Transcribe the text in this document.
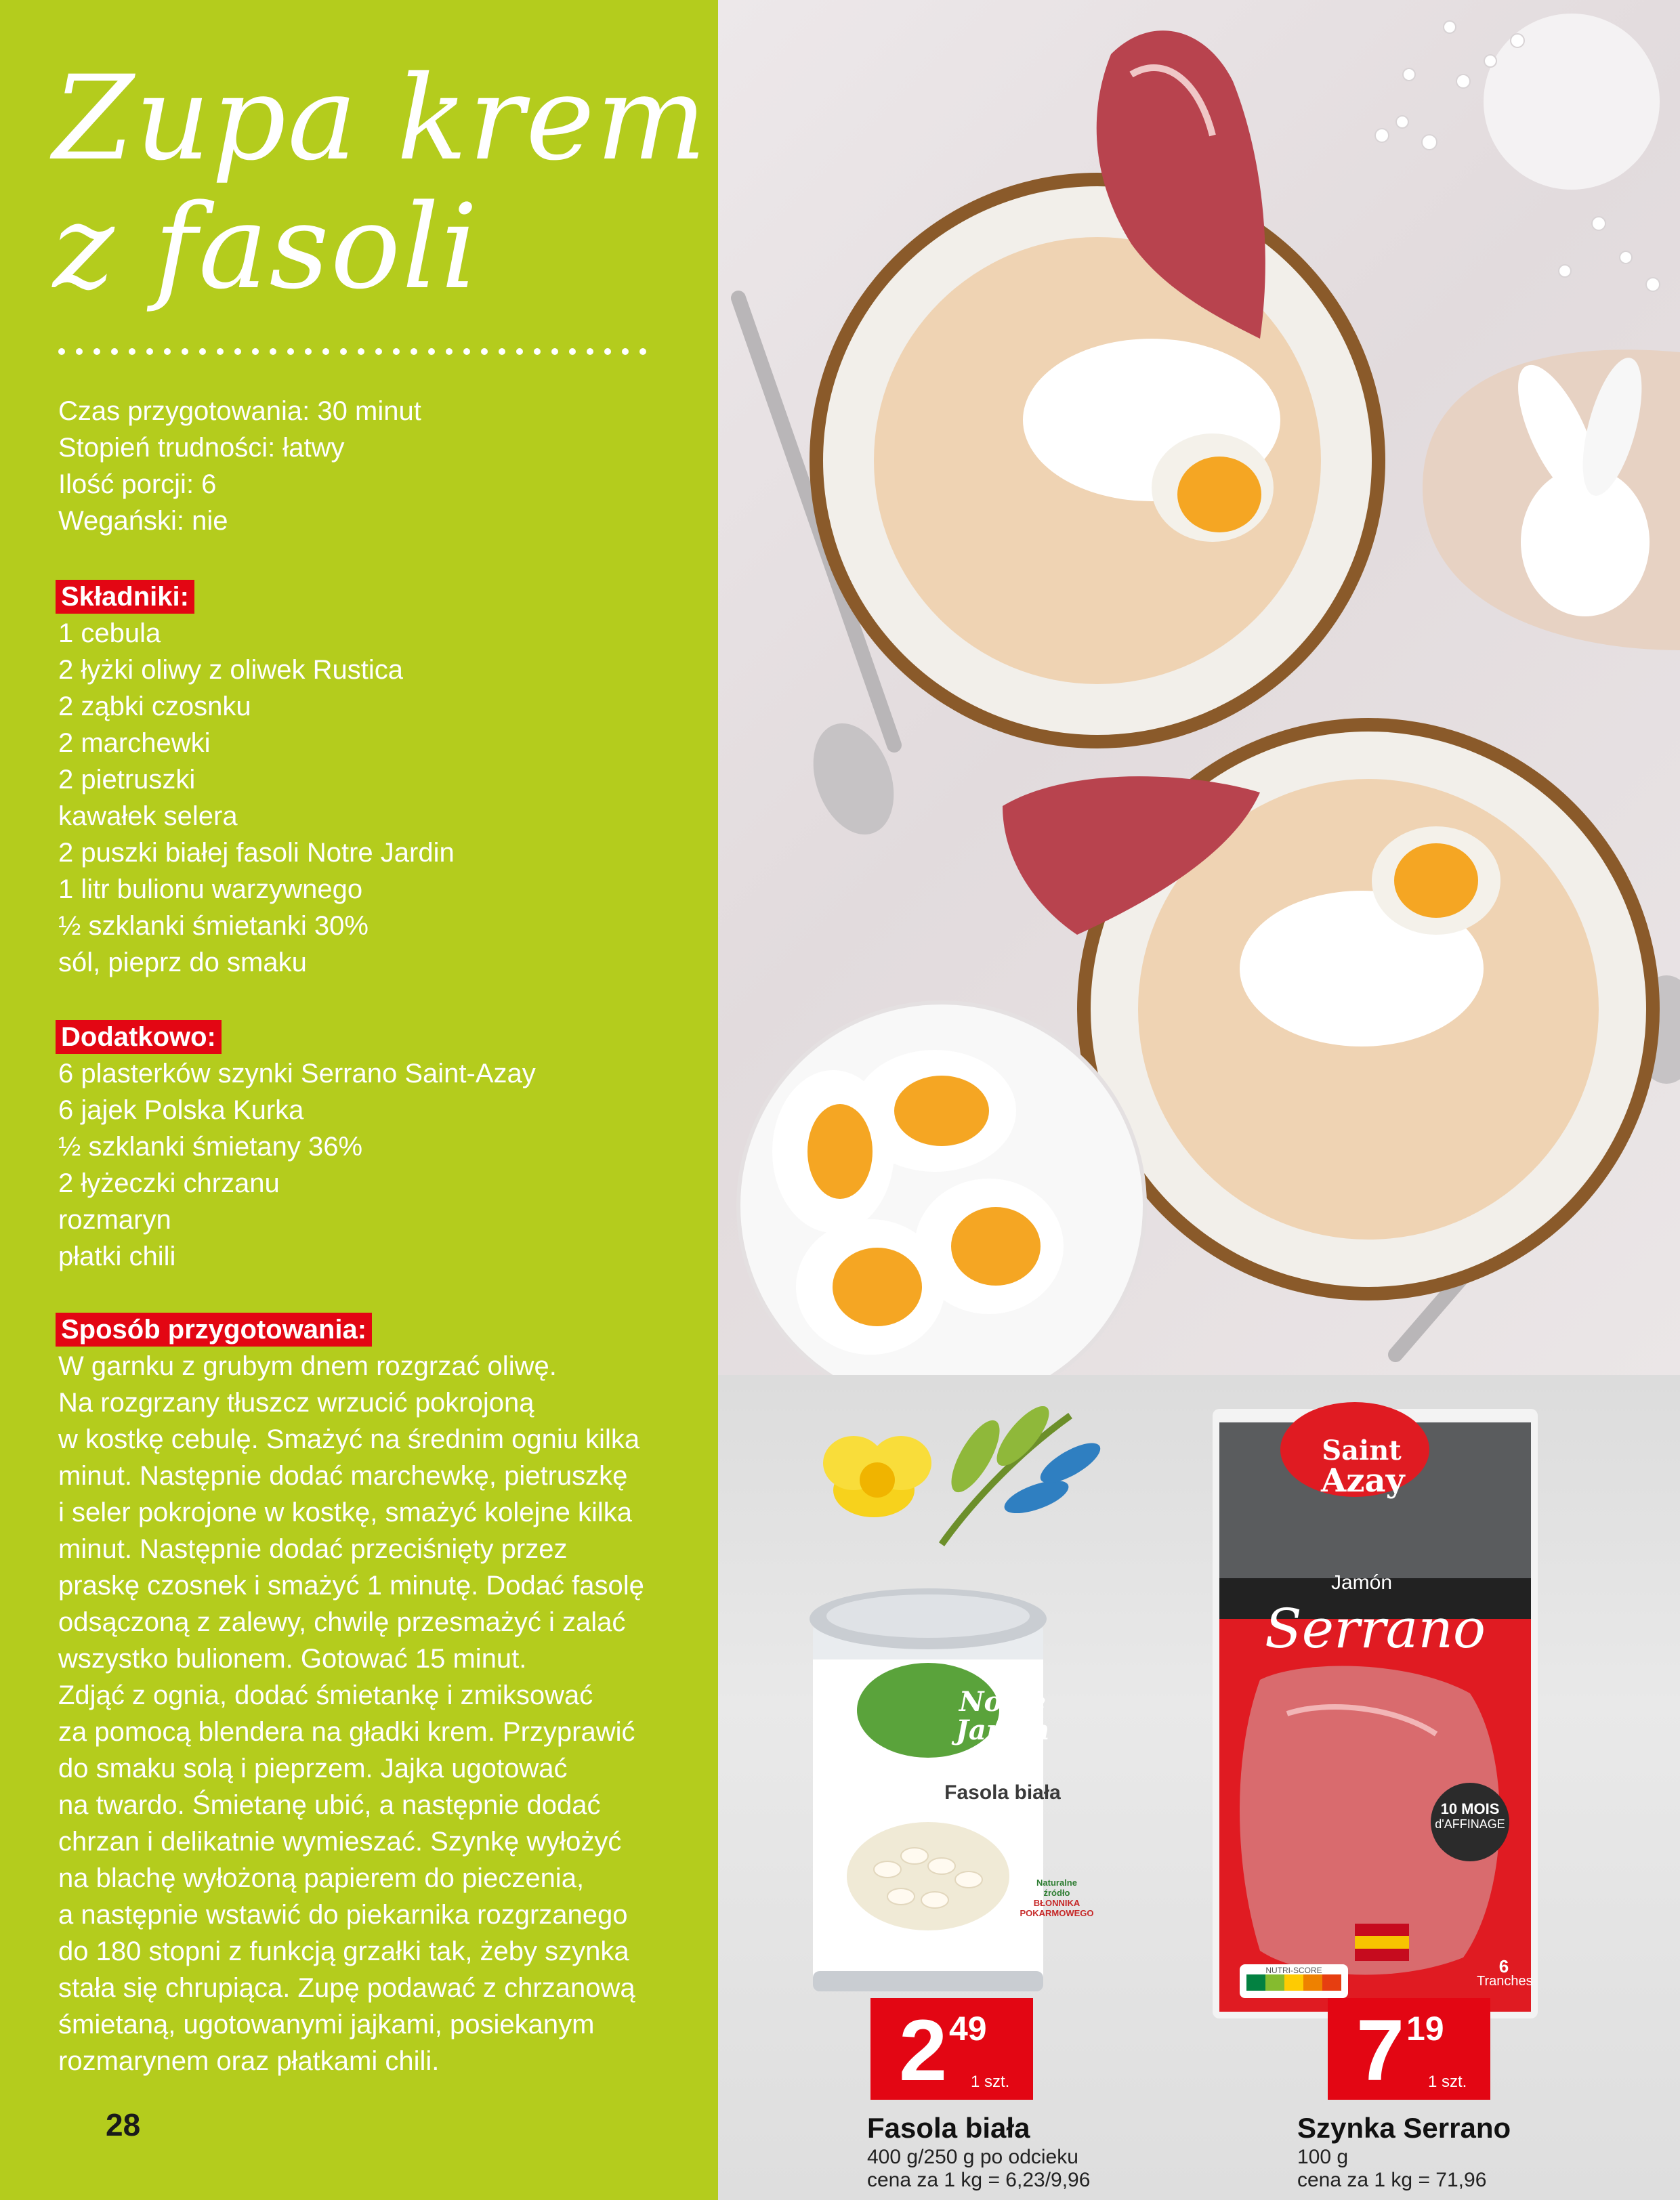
Zupa krem
z fasoli
Czas przygotowania: 30 minut
Stopień trudności: łatwy
Ilość porcji: 6
Wegański: nie
Składniki:
1 cebula
2 łyżki oliwy z oliwek Rustica
2 ząbki czosnku
2 marchewki
2 pietruszki
kawałek selera
2 puszki białej fasoli Notre Jardin
1 litr bulionu warzywnego
½ szklanki śmietanki 30%
sól, pieprz do smaku
Dodatkowo:
6 plasterków szynki Serrano Saint-Azay
6 jajek Polska Kurka
½ szklanki śmietany 36%
2 łyżeczki chrzanu
rozmaryn
płatki chili
Sposób przygotowania:
W garnku z grubym dnem rozgrzać oliwę.
Na rozgrzany tłuszcz wrzucić pokrojoną
w kostkę cebulę. Smażyć na średnim ogniu kilka
minut. Następnie dodać marchewkę, pietruszkę
i seler pokrojone w kostkę, smażyć kolejne kilka
minut. Następnie dodać przeciśnięty przez
praskę czosnek i smażyć 1 minutę. Dodać fasolę
odsączoną z zalewy, chwilę przesmażyć i zalać
wszystko bulionem. Gotować 15 minut.
Zdjąć z ognia, dodać śmietankę i zmiksować
za pomocą blendera na gładki krem. Przyprawić
do smaku solą i pieprzem. Jajka ugotować
na twardo. Śmietanę ubić, a następnie dodać
chrzan i delikatnie wymieszać. Szynkę wyłożyć
na blachę wyłożoną papierem do pieczenia,
a następnie wstawić do piekarnika rozgrzanego
do 180 stopni z funkcją grzałki tak, żeby szynka
stała się chrupiąca. Zupę podawać z chrzanową
śmietaną, ugotowanymi jajkami, posiekanym
rozmarynem oraz płatkami chili.
28
Notre
Jardin
Fasola biała
Naturalne
źródło
BŁONNIKA
POKARMOWEGO
Saint
Azay
Jamón
Serrano
10 MOIS
d'AFFINAGE
NUTRI-SCORE	6
Tranches
2 49
1 szt.
Fasola biała
400 g/250 g po odcieku
cena za 1 kg = 6,23/9,96
7 19
1 szt.
Szynka Serrano
100 g
cena za 1 kg = 71,96
